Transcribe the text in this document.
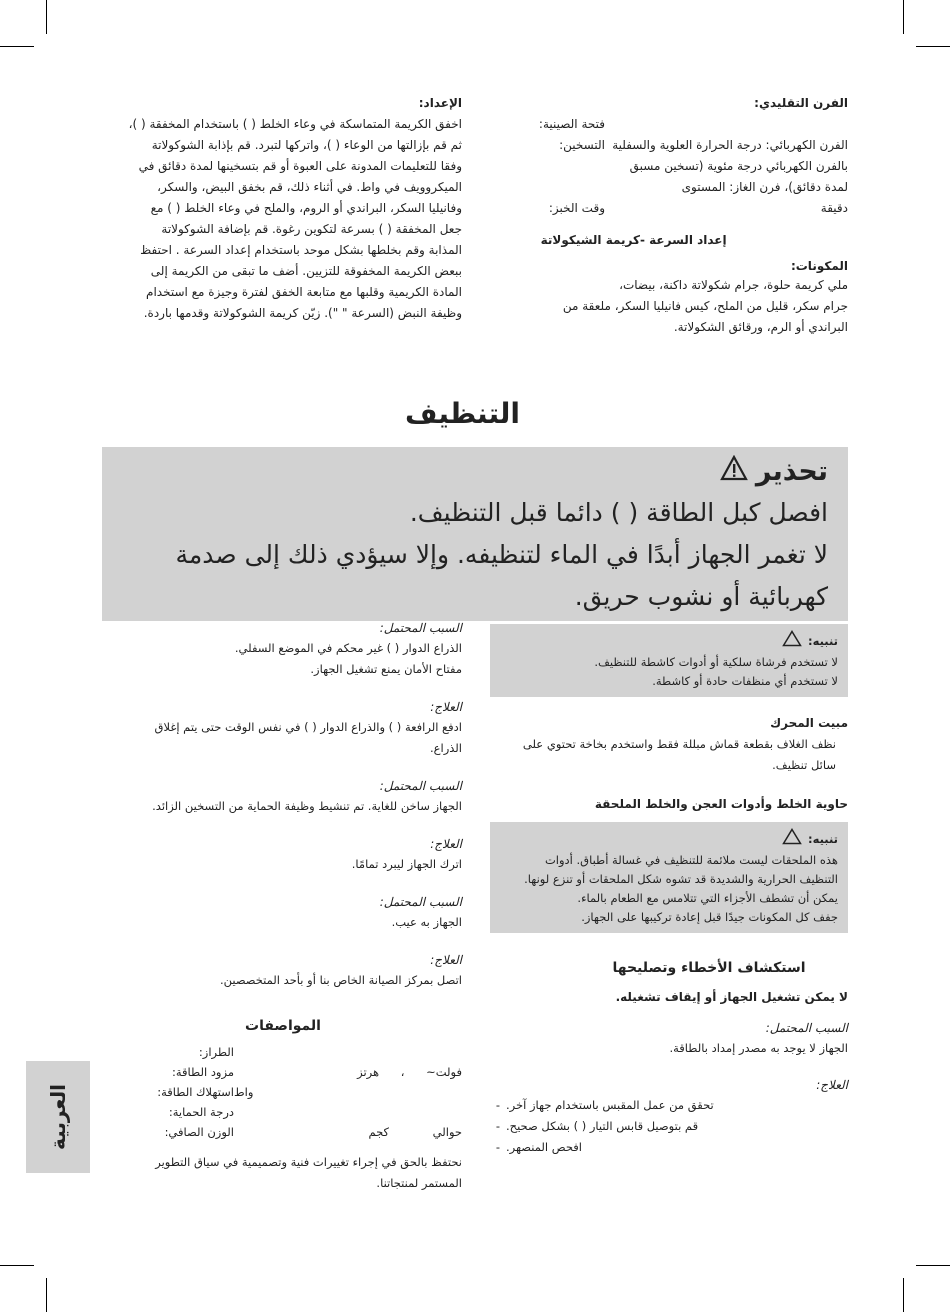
الإعداد:
اخفق الكريمة المتماسكة في وعاء الخلط ( ) باستخدام المخفقة ( )،
ثم قم بإزالتها من الوعاء ( )، واتركها لتبرد. قم بإذابة الشوكولاتة
وفقا للتعليمات المدونة على العبوة أو قم بتسخينها لمدة دقائق في
الميكروويف في واط. في أثناء ذلك، قم بخفق البيض، والسكر،
وفانيليا السكر، البراندي أو الروم، والملح في وعاء الخلط ( ) مع
جعل المخفقة ( ) بسرعة لتكوين رغوة. قم بإضافة الشوكولاتة
المذابة وقم بخلطها بشكل موحد باستخدام إعداد السرعة . احتفظ
ببعض الكريمة المخفوقة للتزيين. أضف ما تبقى من الكريمة إلى
المادة الكريمية وقلبها مع متابعة الخفق لفترة وجيزة مع استخدام
وظيفة النبض (السرعة " "). زيّن كريمة الشوكولاتة وقدمها باردة.
الفرن التقليدي:
فتحة الصينية:
التسخين: الفرن الكهربائي: درجة الحرارة العلوية والسفلية بالفرن الكهربائي درجة مئوية (تسخين مسبق لمدة دقائق)، فرن الغاز: المستوى
وقت الخبز:	دقيقة
كريمة الشيكولاتة إعداد السرعة -
المكونات:
ملي كريمة حلوة، جرام شكولاتة داكنة، بيضات،
جرام سكر، قليل من الملح، كيس فانيليا السكر، ملعقة من
البراندي أو الرم، ورقائق الشكولاتة.
التنظيف
تحذير
افصل كبل الطاقة ( ) دائما قبل التنظيف.
لا تغمر الجهاز أبدًا في الماء لتنظيفه. وإلا سيؤدي ذلك إلى صدمة
كهربائية أو نشوب حريق.
تنبيه:
لا تستخدم فرشاة سلكية أو أدوات كاشطة للتنظيف.
لا تستخدم أي منظفات حادة أو كاشطة.
مبيت المحرك
نظف الغلاف بقطعة قماش مبللة فقط واستخدم بخاخة تحتوي على
سائل تنظيف.
حاوية الخلط وأدوات العجن والخلط الملحقة
تنبيه:
هذه الملحقات ليست ملائمة للتنظيف في غسالة أطباق. أدوات
التنظيف الحرارية والشديدة قد تشوه شكل الملحقات أو تنزع لونها.
يمكن أن تشطف الأجزاء التي تتلامس مع الطعام بالماء.
جفف كل المكونات جيدًا قبل إعادة تركيبها على الجهاز.
استكشاف الأخطاء وتصليحها
لا يمكن تشغيل الجهاز أو إيقاف تشغيله.
السبب المحتمل:
الجهاز لا يوجد به مصدر إمداد بالطاقة.
العلاج:
- تحقق من عمل المقبس باستخدام جهاز آخر.
- قم بتوصيل قابس التيار ( ) بشكل صحيح.
- افحص المنصهر.
السبب المحتمل:
الذراع الدوار ( ) غير محكم في الموضع السفلي.
مفتاح الأمان يمنع تشغيل الجهاز.
العلاج:
ادفع الرافعة ( ) والذراع الدوار ( ) في نفس الوقت حتى يتم إغلاق
الذراع.
السبب المحتمل:
الجهاز ساخن للغاية. تم تنشيط وظيفة الحماية من التسخين الزائد.
العلاج:
اترك الجهاز ليبرد تمامًا.
السبب المحتمل:
الجهاز به عيب.
العلاج:
اتصل بمركز الصيانة الخاص بنا أو بأحد المتخصصين.
المواصفات
الطراز:
مزود الطاقة:	فولت~ ، هرتز
استهلاك الطاقة: واط
درجة الحماية:
الوزن الصافي:	حوالي كجم
نحتفظ بالحق في إجراء تغييرات فنية وتصميمية في سياق التطوير
المستمر لمنتجاتنا.
العربية
